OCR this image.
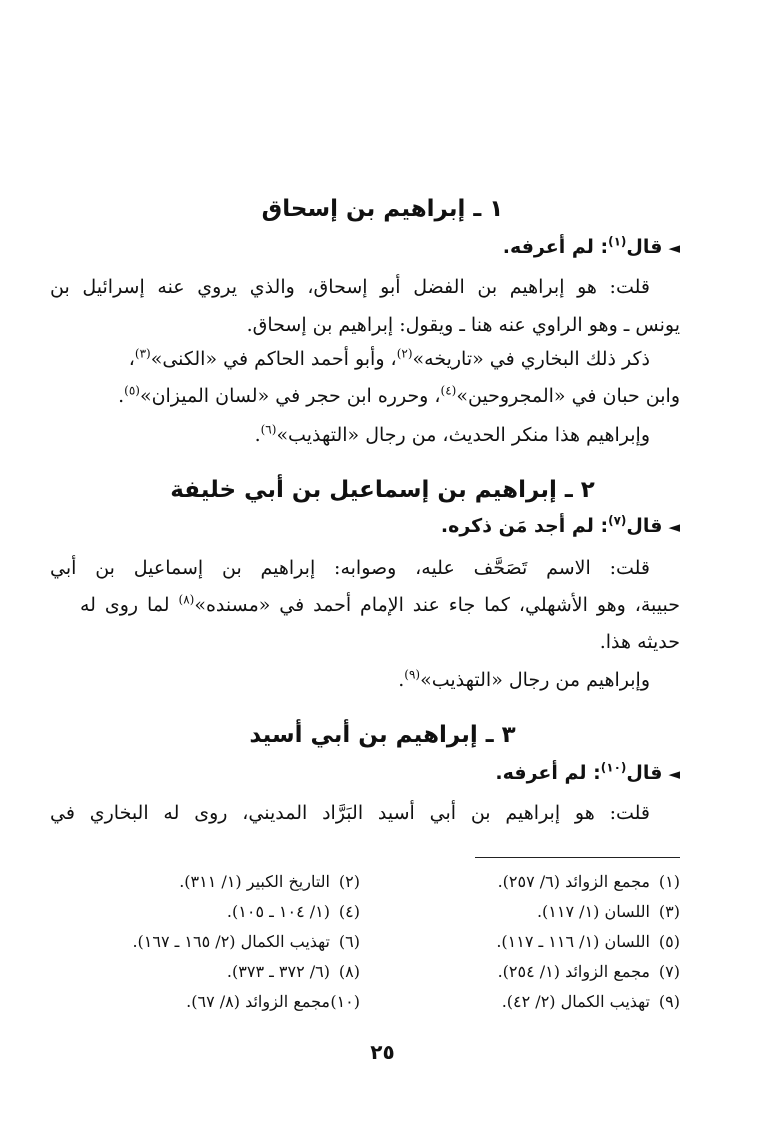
١ ـ إبراهيم بن إسحاق
◄قال$^{(١)}$: لم أعرفه.
قلت: هو إبراهيم بن الفضل أبو إسحاق، والذي يروي عنه إسرائيل بن
يونس ـ وهو الراوي عنه هنا ـ ويقول: إبراهيم بن إسحاق.
ذكر ذلك البخاري في «تاريخه»$^{(٢)}$، وأبو أحمد الحاكم في «الكنى»$^{(٣)}$،
وابن حبان في «المجروحين»$^{(٤)}$، وحرره ابن حجر في «لسان الميزان»$^{(٥)}$.
وإبراهيم هذا منكر الحديث، من رجال «التهذيب»$^{(٦)}$.
٢ ـ إبراهيم بن إسماعيل بن أبي خليفة
◄قال$^{(٧)}$: لم أجد مَن ذكره.
قلت: الاسم تَصَحَّف عليه، وصوابه: إبراهيم بن إسماعيل بن أبي
حبيبة، وهو الأشهلي، كما جاء عند الإمام أحمد في «مسنده»$^{(٨)}$ لما روى له
حديثه هذا.
وإبراهيم من رجال «التهذيب»$^{(٩)}$.
٣ ـ إبراهيم بن أبي أسيد
◄قال$^{(١٠)}$: لم أعرفه.
قلت: هو إبراهيم بن أبي أسيد البَرَّاد المديني، روى له البخاري في
(١)مجمع الزوائد (٦/ ٢٥٧).
(٢)التاريخ الكبير (١/ ٣١١).
(٣)اللسان (١/ ١١٧).
(٤)(١/ ١٠٤ ـ ١٠٥).
(٥)اللسان (١/ ١١٦ ـ ١١٧).
(٦)تهذيب الكمال (٢/ ١٦٥ ـ ١٦٧).
(٧)مجمع الزوائد (١/ ٢٥٤).
(٨)(٦/ ٣٧٢ ـ ٣٧٣).
(٩)تهذيب الكمال (٢/ ٤٢).
(١٠)مجمع الزوائد (٨/ ٦٧).
٢٥
